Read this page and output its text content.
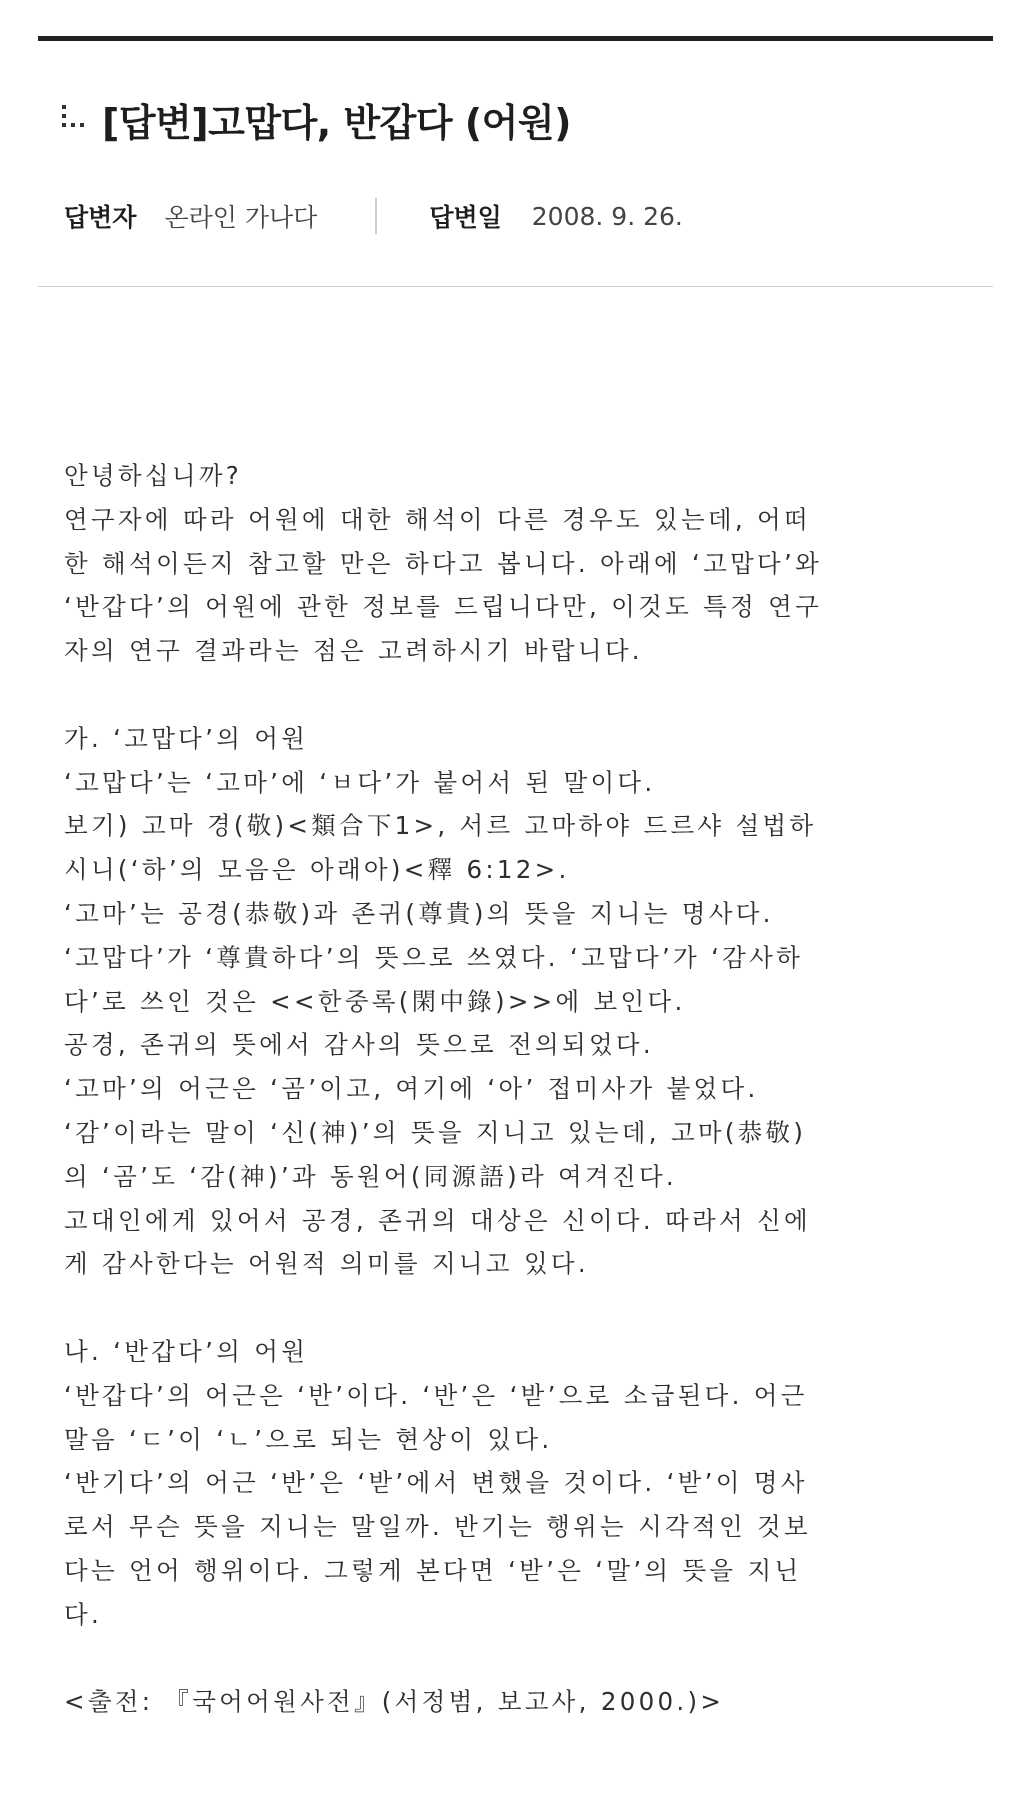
[답변]고맙다, 반갑다 (어원)
답변자 온라인 가나다	답변일 2008. 9. 26.
안녕하십니까?
연구자에 따라 어원에 대한 해석이 다른 경우도 있는데, 어떠
한 해석이든지 참고할 만은 하다고 봅니다. 아래에 ‘고맙다’와
‘반갑다’의 어원에 관한 정보를 드립니다만, 이것도 특정 연구
자의 연구 결과라는 점은 고려하시기 바랍니다.
가. ‘고맙다’의 어원
‘고맙다’는 ‘고마’에 ‘ㅂ다’가 붙어서 된 말이다.
보기) 고마 경(敬)<類合下1>, 서르 고마하야 드르샤 설법하
시니(‘하’의 모음은 아래아)<釋 6:12>.
‘고마’는 공경(恭敬)과 존귀(尊貴)의 뜻을 지니는 명사다.
‘고맙다’가 ‘尊貴하다’의 뜻으로 쓰였다. ‘고맙다’가 ‘감사하
다’로 쓰인 것은 <<한중록(閑中錄)>>에 보인다.
공경, 존귀의 뜻에서 감사의 뜻으로 전의되었다.
‘고마’의 어근은 ‘곰’이고, 여기에 ‘아’ 접미사가 붙었다.
‘감’이라는 말이 ‘신(神)’의 뜻을 지니고 있는데, 고마(恭敬)
의 ‘곰’도 ‘감(神)’과 동원어(同源語)라 여겨진다.
고대인에게 있어서 공경, 존귀의 대상은 신이다. 따라서 신에
게 감사한다는 어원적 의미를 지니고 있다.
나. ‘반갑다’의 어원
‘반갑다’의 어근은 ‘반’이다. ‘반’은 ‘받’으로 소급된다. 어근
말음 ‘ㄷ’이 ‘ㄴ’으로 되는 현상이 있다.
‘반기다’의 어근 ‘반’은 ‘받’에서 변했을 것이다. ‘받’이 명사
로서 무슨 뜻을 지니는 말일까. 반기는 행위는 시각적인 것보
다는 언어 행위이다. 그렇게 본다면 ‘받’은 ‘말’의 뜻을 지닌
다.
<출전: 『국어어원사전』(서정범, 보고사, 2000.)>
